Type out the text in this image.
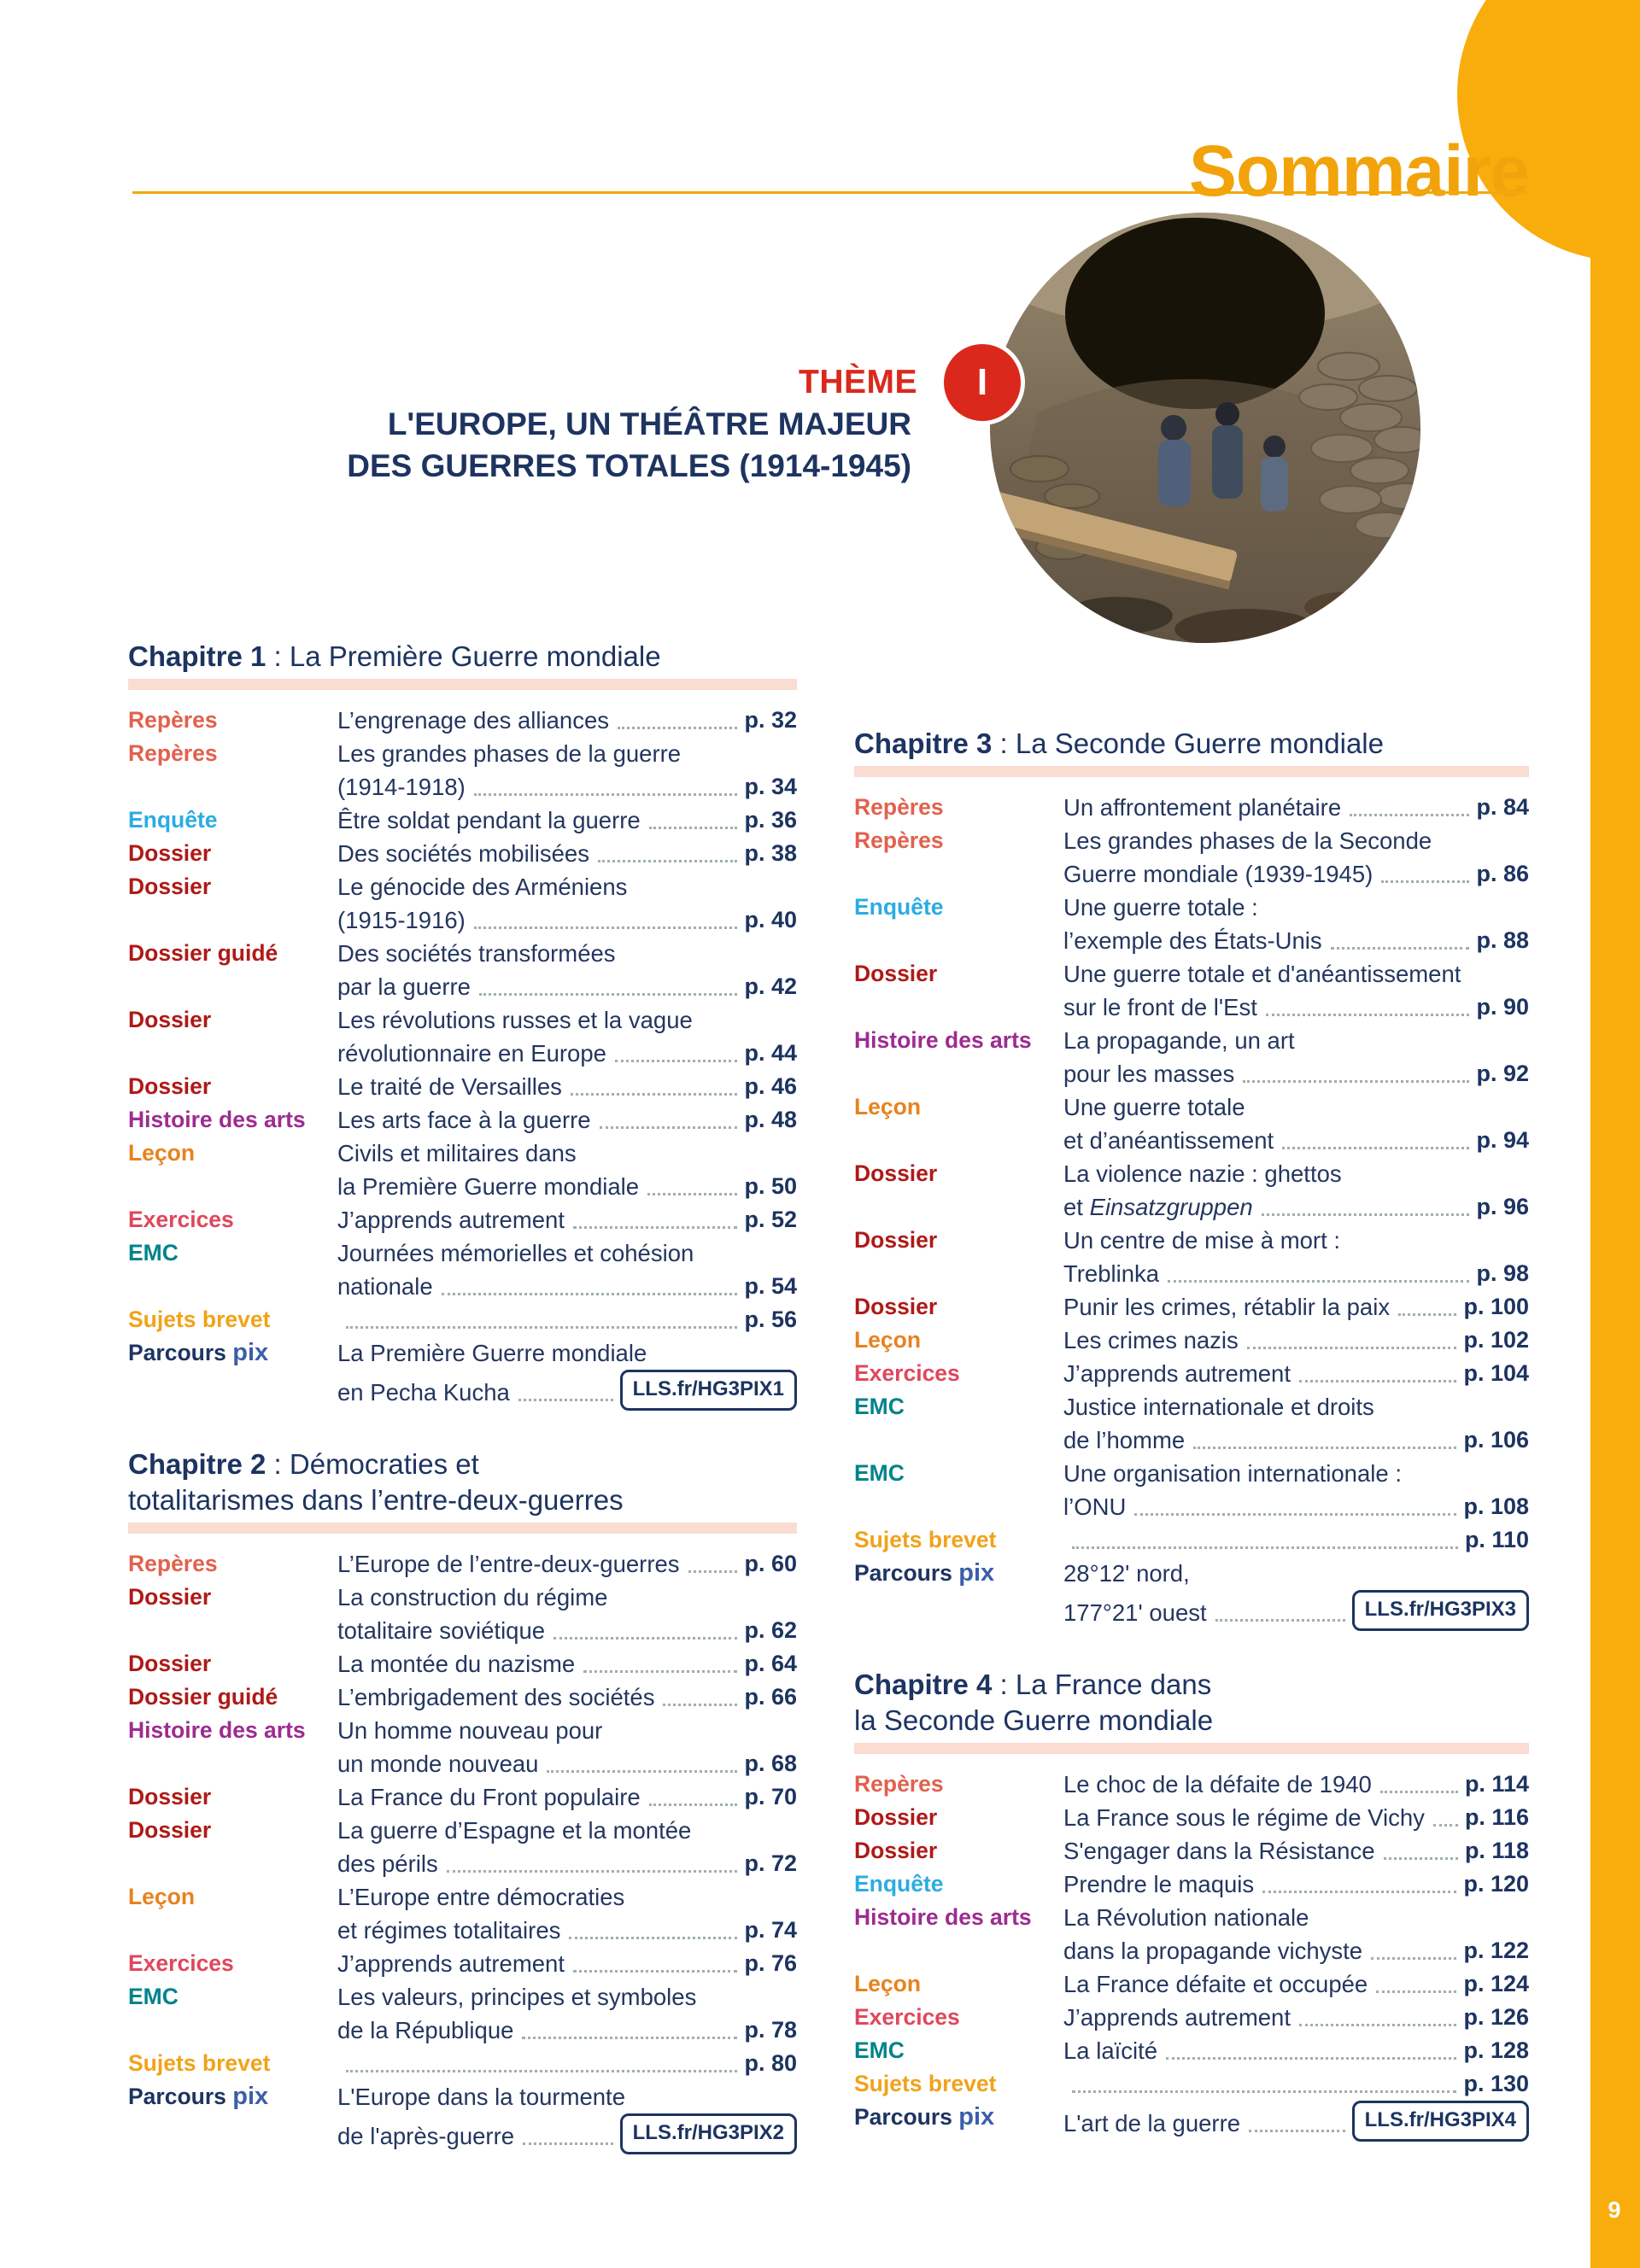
9
Sommaire
THÈME I
L'EUROPE, UN THÉÂTRE MAJEUR
DES GUERRES TOTALES (1914-1945)
Chapitre 1 : La Première Guerre mondiale
Repères	L’engrenage des alliances	p. 32
Repères	Les grandes phases de la guerre
(1914-1918)	p. 34
Enquête	Être soldat pendant la guerre	p. 36
Dossier	Des sociétés mobilisées	p. 38
Dossier	Le génocide des Arméniens
(1915-1916)	p. 40
Dossier guidé	Des sociétés transformées
par la guerre	p. 42
Dossier	Les révolutions russes et la vague
révolutionnaire en Europe	p. 44
Dossier	Le traité de Versailles	p. 46
Histoire des arts	Les arts face à la guerre	p. 48
Leçon	Civils et militaires dans
la Première Guerre mondiale	p. 50
Exercices	J’apprends autrement	p. 52
EMC	Journées mémorielles et cohésion
nationale	p. 54
Sujets brevet	p. 56
Parcours pix	La Première Guerre mondiale
en Pecha Kucha	LLS.fr/HG3PIX1
Chapitre 2 : Démocraties et
totalitarismes dans l’entre-deux-guerres
Repères	L’Europe de l’entre-deux-guerres	p. 60
Dossier	La construction du régime
totalitaire soviétique	p. 62
Dossier	La montée du nazisme	p. 64
Dossier guidé	L’embrigadement des sociétés	p. 66
Histoire des arts	Un homme nouveau pour
un monde nouveau	p. 68
Dossier	La France du Front populaire	p. 70
Dossier	La guerre d’Espagne et la montée
des périls	p. 72
Leçon	L’Europe entre démocraties
et régimes totalitaires	p. 74
Exercices	J’apprends autrement	p. 76
EMC	Les valeurs, principes et symboles
de la République	p. 78
Sujets brevet	p. 80
Parcours pix	L'Europe dans la tourmente
de l'après-guerre	LLS.fr/HG3PIX2
Chapitre 3 : La Seconde Guerre mondiale
Repères	Un affrontement planétaire	p. 84
Repères	Les grandes phases de la Seconde
Guerre mondiale (1939-1945)	p. 86
Enquête	Une guerre totale :
l’exemple des États-Unis	p. 88
Dossier	Une guerre totale et d'anéantissement
sur le front de l'Est	p. 90
Histoire des arts	La propagande, un art
pour les masses	p. 92
Leçon	Une guerre totale
et d’anéantissement	p. 94
Dossier	La violence nazie : ghettos
et Einsatzgruppen	p. 96
Dossier	Un centre de mise à mort :
Treblinka	p. 98
Dossier	Punir les crimes, rétablir la paix	p. 100
Leçon	Les crimes nazis	p. 102
Exercices	J’apprends autrement	p. 104
EMC	Justice internationale et droits
de l’homme	p. 106
EMC	Une organisation internationale :
l’ONU	p. 108
Sujets brevet	p. 110
Parcours pix	28°12' nord,
177°21' ouest	LLS.fr/HG3PIX3
Chapitre 4 : La France dans
la Seconde Guerre mondiale
Repères	Le choc de la défaite de 1940	p. 114
Dossier	La France sous le régime de Vichy p. 116
Dossier	S'engager dans la Résistance	p. 118
Enquête	Prendre le maquis	p. 120
Histoire des arts	La Révolution nationale
dans la propagande vichyste	p. 122
Leçon	La France défaite et occupée	p. 124
Exercices	J’apprends autrement	p. 126
EMC	La laïcité	p. 128
Sujets brevet	p. 130
Parcours pix	L'art de la guerre	LLS.fr/HG3PIX4
